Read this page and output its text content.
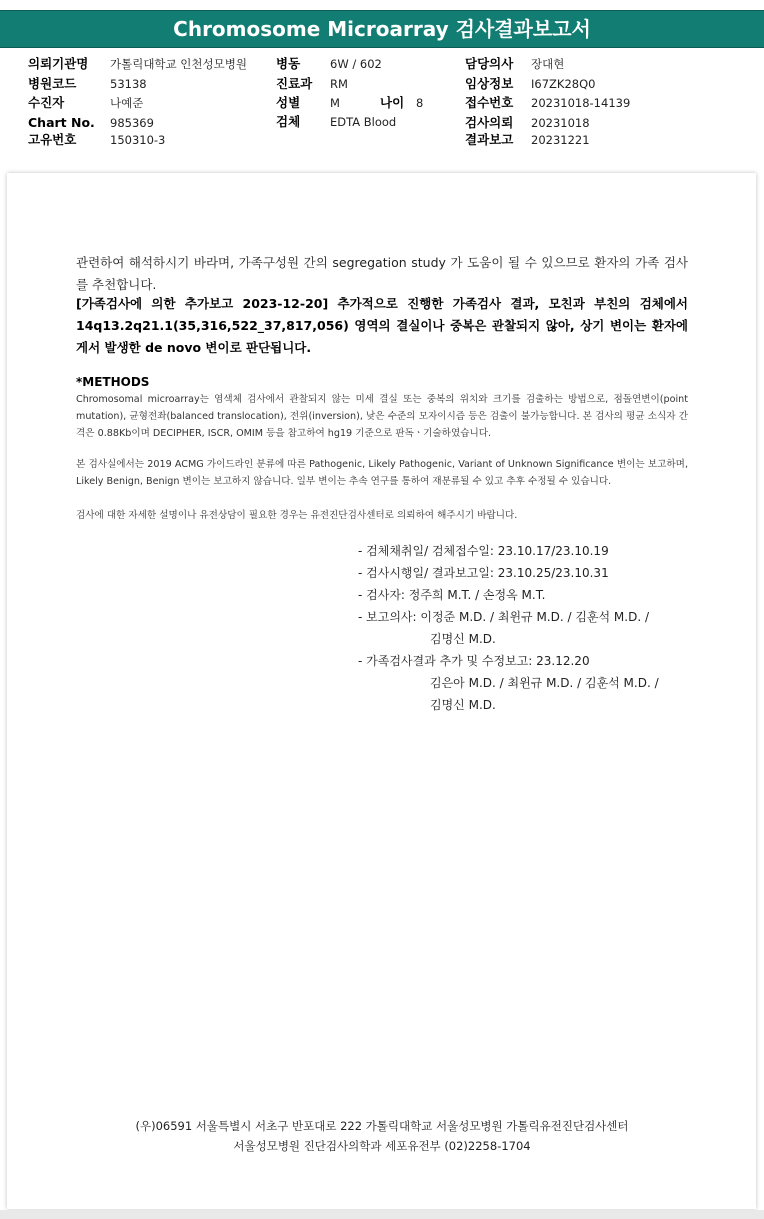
Chromosome Microarray 검사결과보고서
의뢰기관명 가톨릭대학교 인천성모병원
병원코드	53138
수진자	나예준
Chart No. 985369
고유번호	150310-3
병동	6W / 602
진료과 RM
성별	M	나이 8
검체	EDTA Blood
담당의사 장대현
임상정보 I67ZK28Q0
접수번호 20231018-14139
검사의뢰 20231018
결과보고 20231221
관련하여 해석하시기 바라며, 가족구성원 간의 segregation study 가 도움이 될 수 있으므로 환자의 가족 검사를 추천합니다.
[가족검사에 의한 추가보고 2023-12-20] 추가적으로 진행한 가족검사 결과, 모친과 부친의 검체에서 14q13.2q21.1(35,316,522_37,817,056) 영역의 결실이나 중복은 관찰되지 않아, 상기 변이는 환자에게서 발생한 de novo 변이로 판단됩니다.
*METHODS
Chromosomal microarray는 염색체 검사에서 관찰되지 않는 미세 결실 또는 중복의 위치와 크기를 검출하는 방법으로, 점돌연변이(point mutation), 균형전좌(balanced translocation), 전위(inversion), 낮은 수준의 모자이시즘 등은 검출이 불가능합니다. 본 검사의 평균 소식자 간격은 0.88Kb이며 DECIPHER, ISCR, OMIM 등을 참고하여 hg19 기준으로 판독ㆍ기술하였습니다.
본 검사실에서는 2019 ACMG 가이드라인 분류에 따른 Pathogenic, Likely Pathogenic, Variant of Unknown Significance 변이는 보고하며, Likely Benign, Benign 변이는 보고하지 않습니다. 일부 변이는 추속 연구를 통하여 재분류될 수 있고 추후 수정될 수 있습니다.
검사에 대한 자세한 설명이나 유전상담이 필요한 경우는 유전진단검사센터로 의뢰하여 해주시기 바랍니다.
- 검체채취일/ 검체접수일: 23.10.17/23.10.19
- 검사시행일/ 결과보고일: 23.10.25/23.10.31
- 검사자: 정주희 M.T. / 손정옥 M.T.
- 보고의사: 이정준 M.D. / 최윈규 M.D. / 김훈석 M.D. /
김명신 M.D.
- 가족검사결과 추가 및 수정보고: 23.12.20
김은아 M.D. / 최윈규 M.D. / 김훈석 M.D. /
김명신 M.D.
(우)06591 서울특별시 서초구 반포대로 222 가톨릭대학교 서울성모병원 가톨릭유전진단검사센터
서울성모병원 진단검사의학과 세포유전부 (02)2258-1704
